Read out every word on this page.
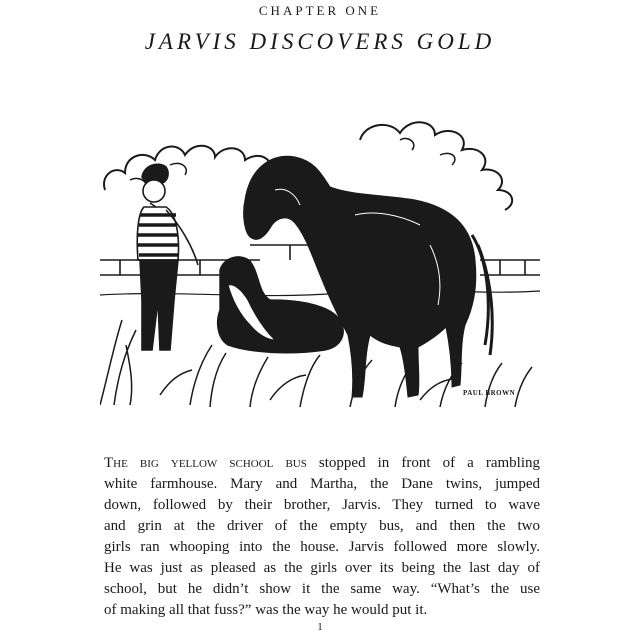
CHAPTER ONE
JARVIS DISCOVERS GOLD
PAUL BROWN
The big yellow school bus stopped in front of a rambling
white farmhouse. Mary and Martha, the Dane twins, jumped
down, followed by their brother, Jarvis. They turned to wave
and grin at the driver of the empty bus, and then the two
girls ran whooping into the house. Jarvis followed more slowly.
He was just as pleased as the girls over its being the last day of
school, but he didn’t show it the same way. “What’s the use
of making all that fuss?” was the way he would put it.
1
